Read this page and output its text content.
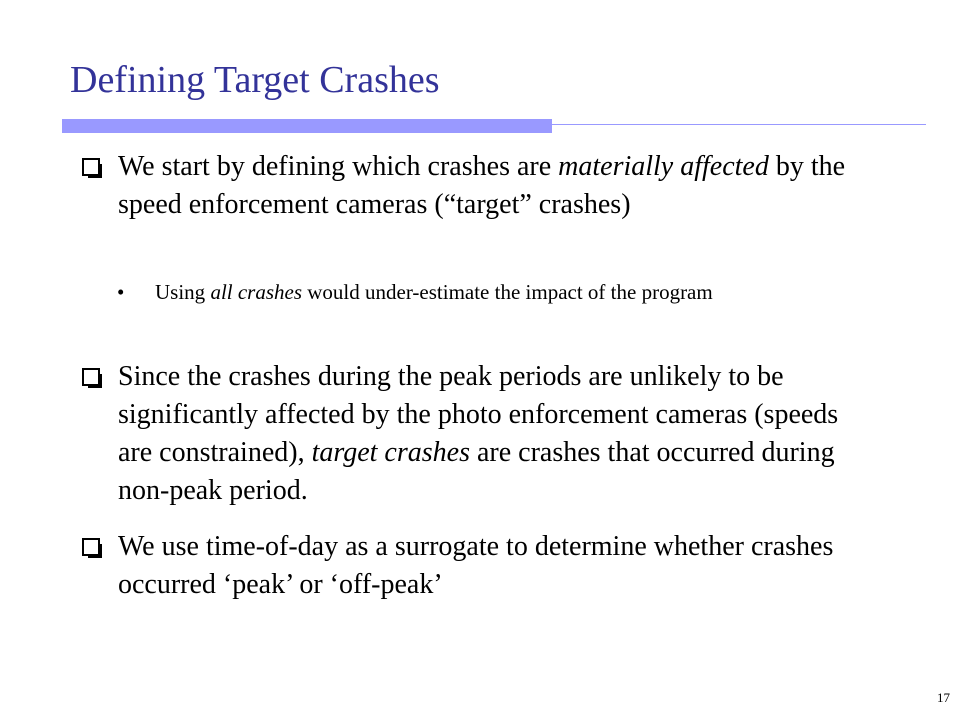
Defining Target Crashes
We start by defining which crashes are materially affected by the speed enforcement cameras (“target” crashes)
• Using all crashes would under-estimate the impact of the program
Since the crashes during the peak periods are unlikely to be significantly affected by the photo enforcement cameras (speeds are constrained), target crashes are crashes that occurred during non-peak period.
We use time-of-day as a surrogate to determine whether crashes occurred ‘peak’ or ‘off-peak’
17
